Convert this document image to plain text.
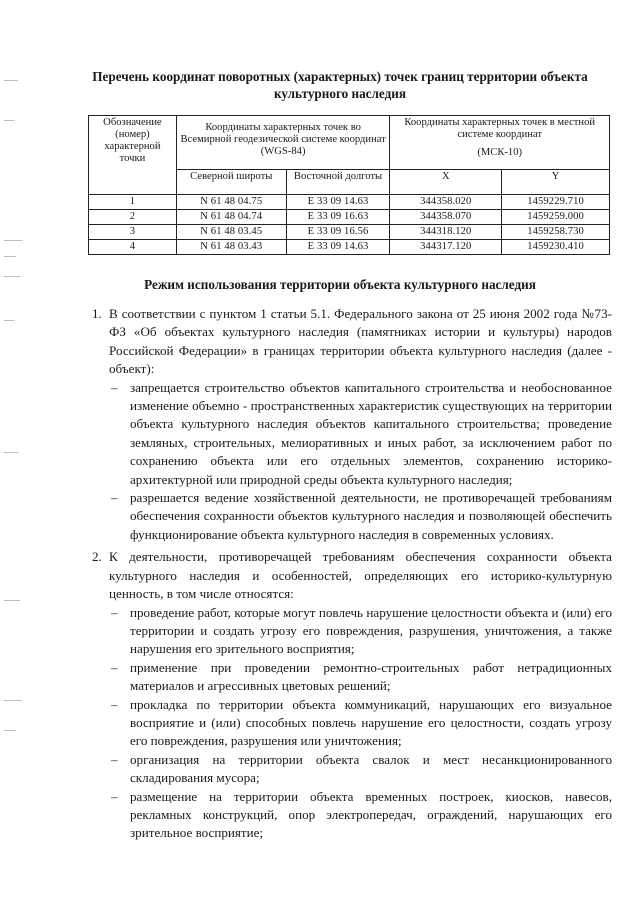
Перечень координат поворотных (характерных) точек границ территории объекта культурного наследия
Обозначение (номер) характерной точки	Координаты характерных точек во Всемирной геодезической системе координат (WGS-84)		Координаты характерных точек в местной системе координат
(МСК-10)	

	Северной широты	Восточной долготы	X	Y
1	N 61 48 04.75	E 33 09 14.63	344358.020	1459229.710
2	N 61 48 04.74	E 33 09 16.63	344358.070	1459259.000
3	N 61 48 03.45	E 33 09 16.56	344318.120	1459258.730
4	N 61 48 03.43	E 33 09 14.63	344317.120	1459230.410
Режим использования территории объекта культурного наследия
1. В соответствии с пунктом 1 статьи 5.1. Федерального закона от 25 июня 2002 года №73-ФЗ «Об объектах культурного наследия (памятниках истории и культуры) народов Российской Федерации» в границах территории объекта культурного наследия (далее - объект):
– запрещается строительство объектов капитального строительства и необоснованное изменение объемно - пространственных характеристик существующих на территории объекта культурного наследия объектов капитального строительства; проведение земляных, строительных, мелиоративных и иных работ, за исключением работ по сохранению объекта или его отдельных элементов, сохранению историко-архитектурной или природной среды объекта культурного наследия;
– разрешается ведение хозяйственной деятельности, не противоречащей требованиям обеспечения сохранности объектов культурного наследия и позволяющей обеспечить функционирование объекта культурного наследия в современных условиях.
2. К деятельности, противоречащей требованиям обеспечения сохранности объекта культурного наследия и особенностей, определяющих его историко-культурную ценность, в том числе относятся:
– проведение работ, которые могут повлечь нарушение целостности объекта и (или) его территории и создать угрозу его повреждения, разрушения, уничтожения, а также нарушения его зрительного восприятия;
– применение при проведении ремонтно-строительных работ нетрадиционных материалов и агрессивных цветовых решений;
– прокладка по территории объекта коммуникаций, нарушающих его визуальное восприятие и (или) способных повлечь нарушение его целостности, создать угрозу его повреждения, разрушения или уничтожения;
– организация на территории объекта свалок и мест несанкционированного складирования мусора;
– размещение на территории объекта временных построек, киосков, навесов, рекламных конструкций, опор электропередач, ограждений, нарушающих его зрительное восприятие;
